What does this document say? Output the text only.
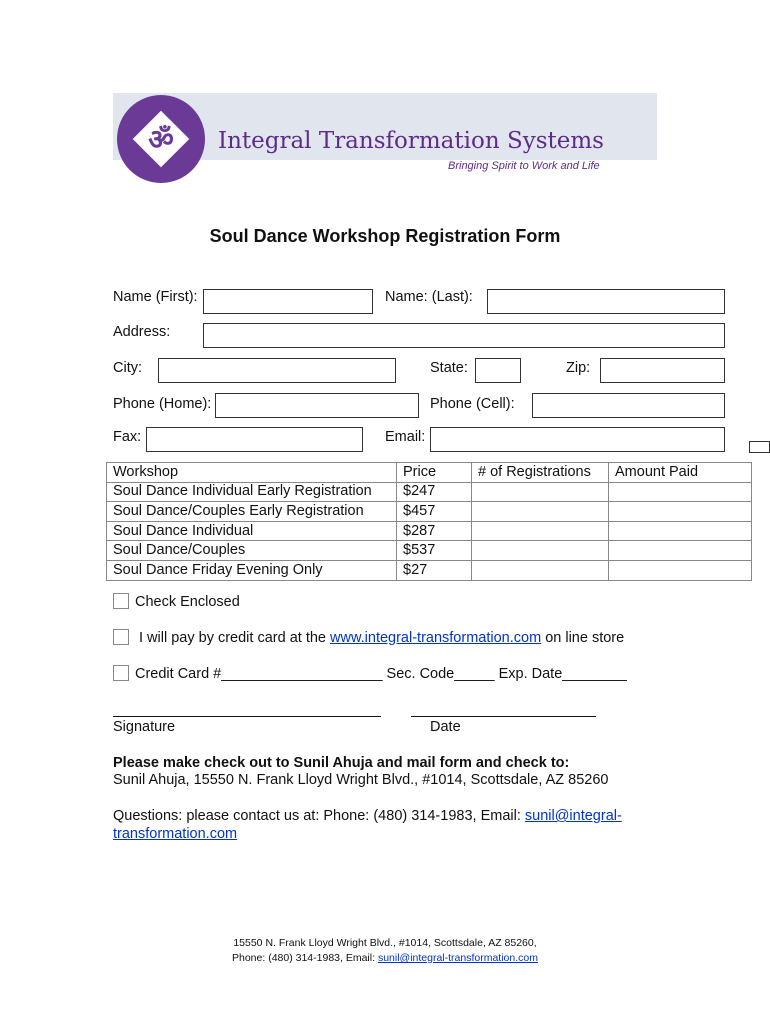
ॐ	Integral Transformation Systems
Bringing Spirit to Work and Life
Soul Dance Workshop Registration Form
Name (First):	Name: (Last):
Address:
City:	State:	Zip:
Phone (Home):	Phone (Cell):
Fax:	Email:
Workshop	Price	# of Registrations	Amount Paid
Soul Dance Individual Early Registration	$247		
Soul Dance/Couples Early Registration	$457		
Soul Dance Individual	$287		
Soul Dance/Couples	$537		
Soul Dance Friday Evening Only	$27		
Check Enclosed
I will pay by credit card at the www.integral-transformation.com on line store
Credit Card #____________________ Sec. Code_____ Exp. Date________
Signature	Date
Please make check out to Sunil Ahuja and mail form and check to:
Sunil Ahuja, 15550 N. Frank Lloyd Wright Blvd., #1014, Scottsdale, AZ 85260
Questions: please contact us at: Phone: (480) 314-1983, Email: sunil@integral-
transformation.com
15550 N. Frank Lloyd Wright Blvd., #1014, Scottsdale, AZ 85260,
Phone: (480) 314-1983, Email: sunil@integral-transformation.com
